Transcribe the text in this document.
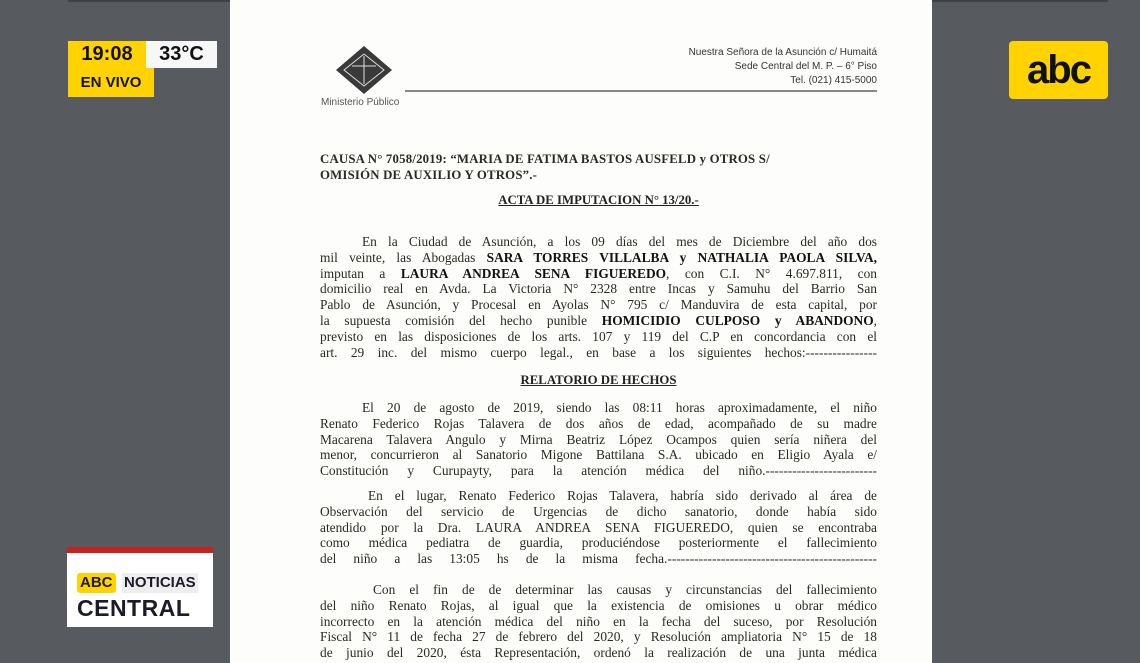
Ministerio Público
Nuestra Señora de la Asunción c/ Humaitá
Sede Central del M. P. – 6° Piso
Tel. (021) 415-5000
CAUSA N° 7058/2019: “MARIA DE FATIMA BASTOS AUSFELD y OTROS S/
OMISIÓN DE AUXILIO Y OTROS”.-
ACTA DE IMPUTACION N° 13/20.-
RELATORIO DE HECHOS
En la Ciudad de Asunción, a los 09 días del mes de Diciembre del año dos
mil veinte, las Abogadas SARA TORRES VILLALBA y NATHALIA PAOLA SILVA,
imputan a LAURA ANDREA SENA FIGUEREDO, con C.I. N° 4.697.811, con
domicilio real en Avda. La Victoria N° 2328 entre Incas y Samuhu del Barrio San
Pablo de Asunción, y Procesal en Ayolas N° 795 c/ Manduvira de esta capital, por
la supuesta comisión del hecho punible HOMICIDIO CULPOSO y ABANDONO,
previsto en las disposiciones de los arts. 107 y 119 del C.P en concordancia con el
art. 29 inc. del mismo cuerpo legal., en base a los siguientes hechos:----------------
El 20 de agosto de 2019, siendo las 08:11 horas aproximadamente, el niño
Renato Federico Rojas Talavera de dos años de edad, acompañado de su madre
Macarena Talavera Angulo y Mirna Beatriz López Ocampos quien sería niñera del
menor, concurrieron al Sanatorio Migone Battilana S.A. ubicado en Eligio Ayala e/
Constitución y Curupayty, para la atención médica del niño.-------------------------
En el lugar, Renato Federico Rojas Talavera, habría sido derivado al área de
Observación del servicio de Urgencias de dicho sanatorio, donde había sido
atendido por la Dra. LAURA ANDREA SENA FIGUEREDO, quien se encontraba
como médica pediatra de guardia, produciéndose posteriormente el fallecimiento
del niño a las 13:05 hs de la misma fecha.-----------------------------------------------
Con el fin de de determinar las causas y circunstancias del fallecimiento
del niño Renato Rojas, al igual que la existencia de omisiones u obrar médico
incorrecto en la atención médica del niño en la fecha del suceso, por Resolución
Fiscal N° 11 de fecha 27 de febrero del 2020, y Resolución ampliatoria N° 15 de 18
de junio del 2020, ésta Representación, ordenó la realización de una junta médica
19:08	33°C
EN VIVO	abc
ABC NOTICIAS
CENTRAL
